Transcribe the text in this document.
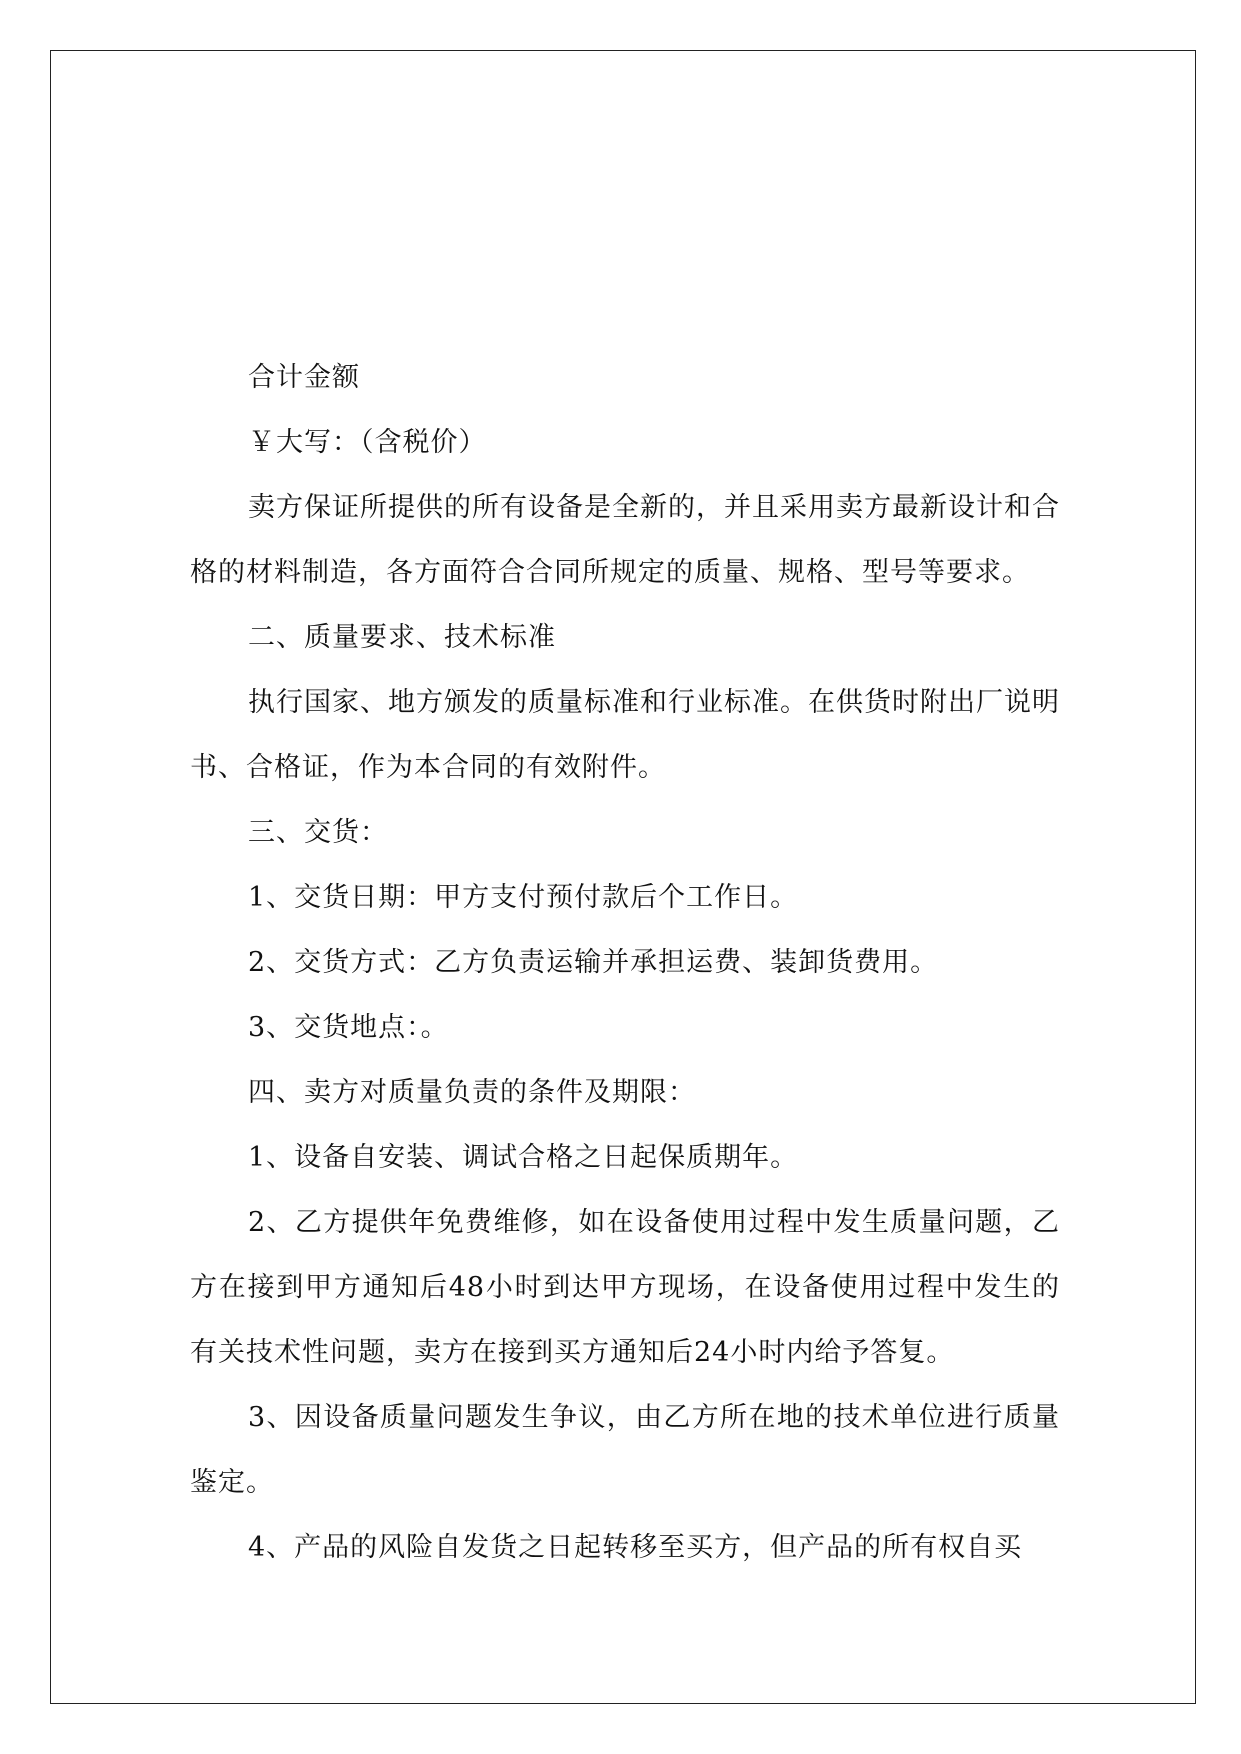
合计金额

￥大写：（含税价）

卖方保证所提供的所有设备是全新的，并且采用卖方最新设计和合格的材料制造，各方面符合合同所规定的质量、规格、型号等要求。

二、质量要求、技术标准

执行国家、地方颁发的质量标准和行业标准。在供货时附出厂说明书、合格证，作为本合同的有效附件。

三、交货：

1、交货日期：甲方支付预付款后个工作日。

2、交货方式：乙方负责运输并承担运费、装卸货费用。

3、交货地点：。

四、卖方对质量负责的条件及期限：

1、设备自安装、调试合格之日起保质期年。

2、乙方提供年免费维修，如在设备使用过程中发生质量问题，乙方在接到甲方通知后48小时到达甲方现场，在设备使用过程中发生的有关技术性问题，卖方在接到买方通知后24小时内给予答复。

3、因设备质量问题发生争议，由乙方所在地的技术单位进行质量鉴定。

4、产品的风险自发货之日起转移至买方，但产品的所有权自买
